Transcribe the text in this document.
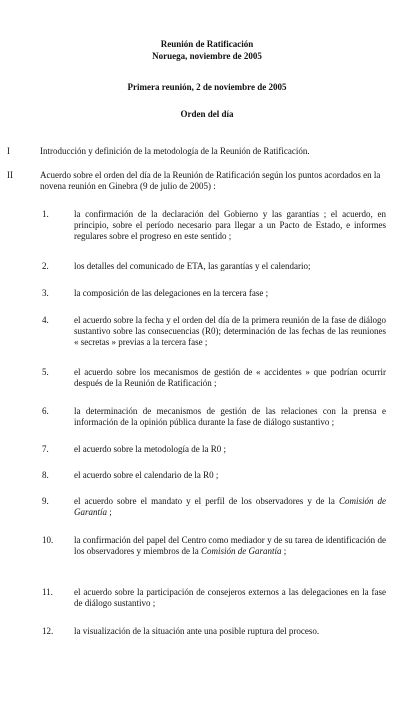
Reunión de Ratificación
Noruega, noviembre de 2005
Primera reunión, 2 de noviembre de 2005
Orden del día
I	Introducción y definición de la metodología de la Reunión de Ratificación.
II	Acuerdo sobre el orden del día de la Reunión de Ratificación según los puntos acordados en la novena reunión en Ginebra (9 de julio de 2005) :
1.	la confirmación de la declaración del Gobierno y las garantías ; el acuerdo, en principio, sobre el período necesario para llegar a un Pacto de Estado, e informes regulares sobre el progreso en este sentido ;
2.	los detalles del comunicado de ETA, las garantías y el calendario;
3.	la composición de las delegaciones en la tercera fase ;
4.	el acuerdo sobre la fecha y el orden del día de la primera reunión de la fase de diálogo sustantivo sobre las consecuencias (R0); determinación de las fechas de las reuniones « secretas » previas a la tercera fase ;
5.	el acuerdo sobre los mecanismos de gestión de « accidentes » que podrían ocurrir después de la Reunión de Ratificación ;
6.	la determinación de mecanismos de gestión de las relaciones con la prensa e información de la opinión pública durante la fase de diálogo sustantivo ;
7.	el acuerdo sobre la metodología de la R0 ;
8.	el acuerdo sobre el calendario de la R0 ;
9.	el acuerdo sobre el mandato y el perfil de los observadores y de la Comisión de Garantía ;
10.	la confirmación del papel del Centro como mediador y de su tarea de identificación de los observadores y miembros de la Comisión de Garantía ;
11.	el acuerdo sobre la participación de consejeros externos a las delegaciones en la fase de diálogo sustantivo ;
12.	la visualización de la situación ante una posible ruptura del proceso.
